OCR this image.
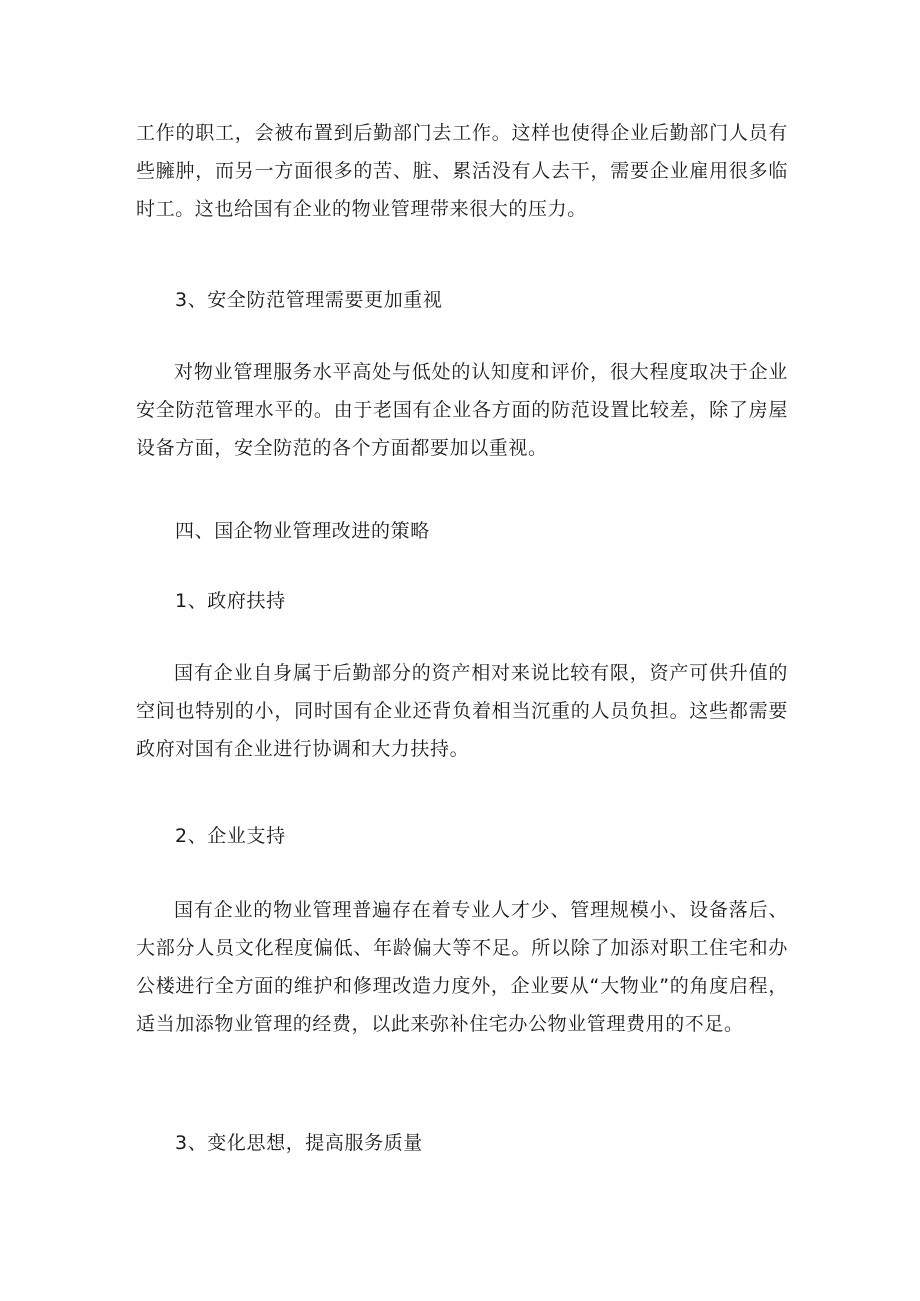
工作的职工，会被布置到后勤部门去工作。这样也使得企业后勤部门人员有些臃肿，而另一方面很多的苦、脏、累活没有人去干，需要企业雇用很多临时工。这也给国有企业的物业管理带来很大的压力。

3、安全防范管理需要更加重视

对物业管理服务水平高处与低处的认知度和评价，很大程度取决于企业安全防范管理水平的。由于老国有企业各方面的防范设置比较差，除了房屋设备方面，安全防范的各个方面都要加以重视。

四、国企物业管理改进的策略
1、政府扶持

国有企业自身属于后勤部分的资产相对来说比较有限，资产可供升值的空间也特别的小，同时国有企业还背负着相当沉重的人员负担。这些都需要政府对国有企业进行协调和大力扶持。

2、企业支持

国有企业的物业管理普遍存在着专业人才少、管理规模小、设备落后、大部分人员文化程度偏低、年龄偏大等不足。所以除了加添对职工住宅和办公楼进行全方面的维护和修理改造力度外，企业要从“大物业”的角度启程，适当加添物业管理的经费，以此来弥补住宅办公物业管理费用的不足。

3、变化思想，提高服务质量
